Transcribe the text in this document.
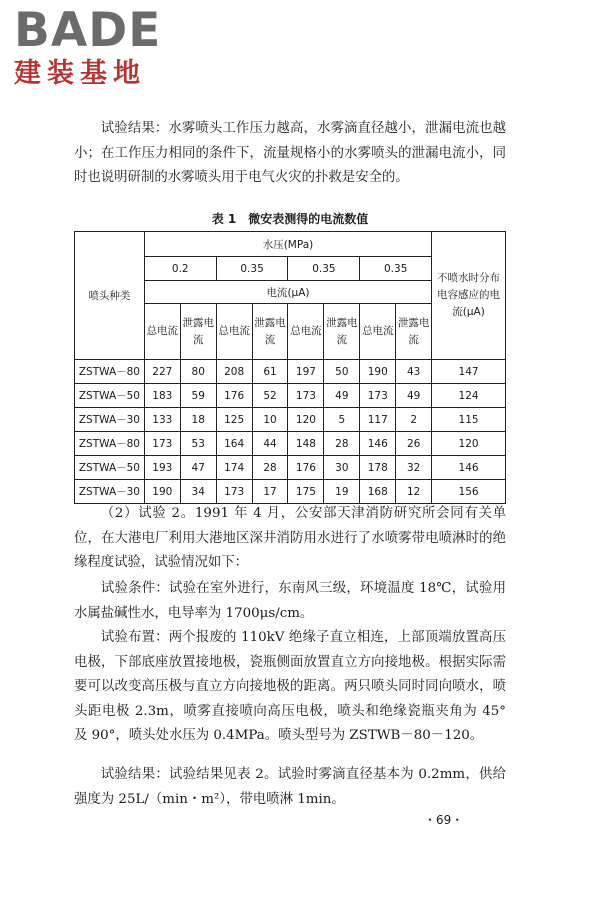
BADE
建装基地

试验结果：水雾喷头工作压力越高，水雾滴直径越小，泄漏电流也越小；在工作压力相同的条件下，流量规格小的水雾喷头的泄漏电流小，同时也说明研制的水雾喷头用于电气火灾的扑救是安全的。

表 1　微安表测得的电流数值
喷头种类	水压(MPa)								不喷水时分布电容感应的电流(μA)
	0.2		0.35		0.35		0.35		
	电流(μA)								
	总电流	泄露电流	总电流	泄露电流	总电流	泄露电流	总电流	泄露电流	
ZSTWA－80	227	80	208	61	197	50	190	43	147
ZSTWA－50	183	59	176	52	173	49	173	49	124
ZSTWA－30	133	18	125	10	120	5	117	2	115
ZSTWA－80	173	53	164	44	148	28	146	26	120
ZSTWA－50	193	47	174	28	176	30	178	32	146
ZSTWA－30	190	34	173	17	175	19	168	12	156

（2）试验 2。1991 年 4 月，公安部天津消防研究所会同有关单位，在大港电厂利用大港地区深井消防用水进行了水喷雾带电喷淋时的绝缘程度试验，试验情况如下：

试验条件：试验在室外进行，东南风三级，环境温度 18℃，试验用水属盐碱性水，电导率为 1700μs/cm。

试验布置：两个报废的 110kV 绝缘子直立相连，上部顶端放置高压电极，下部底座放置接地极，瓷瓶侧面放置直立方向接地极。根据实际需要可以改变高压极与直立方向接地极的距离。两只喷头同时同向喷水，喷头距电极 2.3m，喷雾直接喷向高压电极，喷头和绝缘瓷瓶夹角为 45° 及 90°，喷头处水压为 0.4MPa。喷头型号为 ZSTWB－80－120。

试验结果：试验结果见表 2。试验时雾滴直径基本为 0.2mm，供给强度为 25L/（min・m²），带电喷淋 1min。

・69・
